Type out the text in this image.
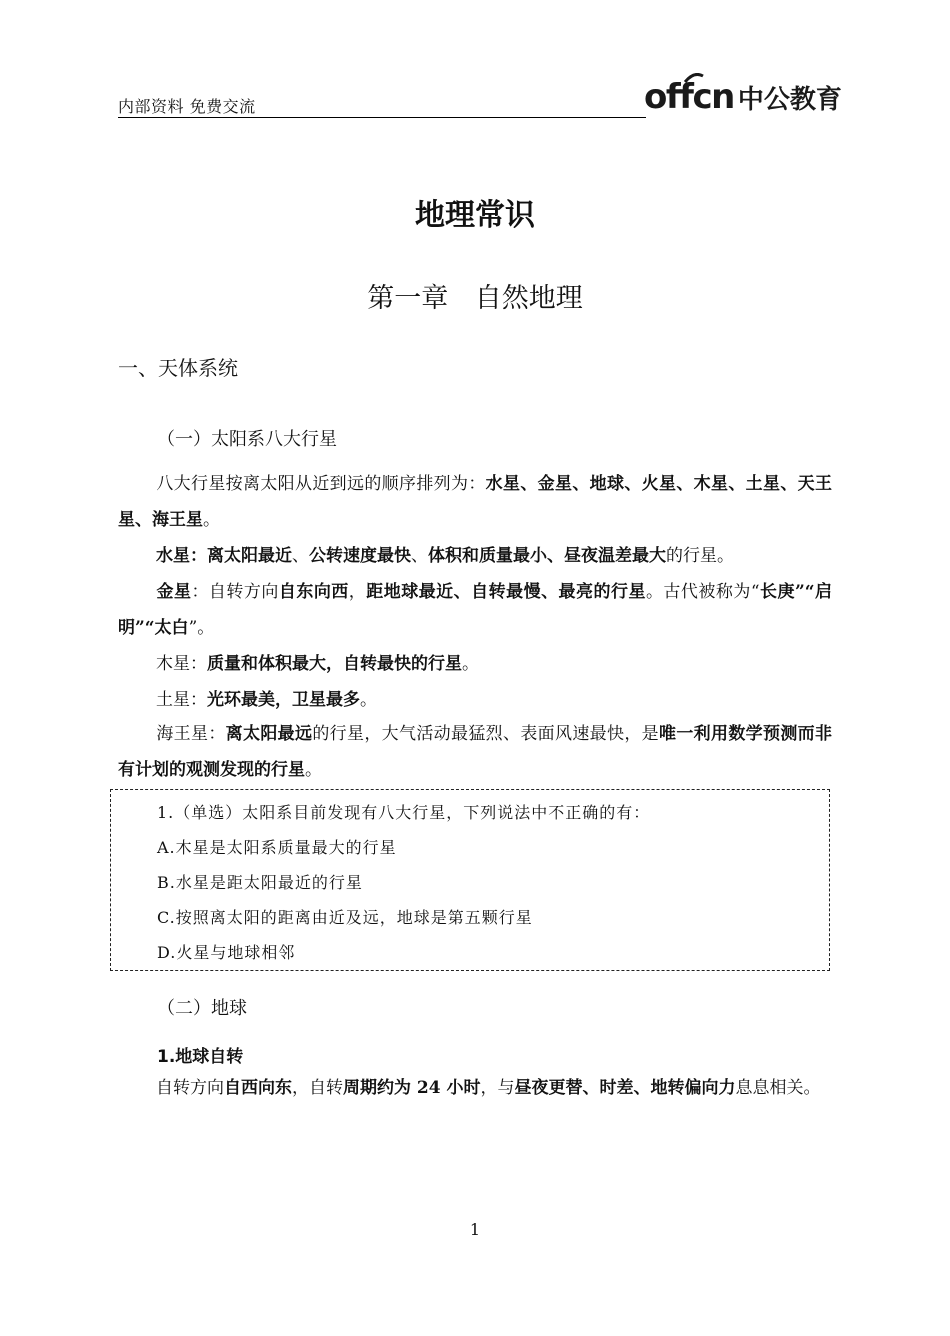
内部资料 免费交流	offcn 中公教育
地理常识
第一章 自然地理
一、天体系统
（一）太阳系八大行星
八大行星按离太阳从近到远的顺序排列为：水星、金星、地球、火星、木星、土星、天王星、海王星。
水星：离太阳最近、公转速度最快、体积和质量最小、昼夜温差最大的行星。
金星：自转方向自东向西，距地球最近、自转最慢、最亮的行星。古代被称为“长庚”“启明”“太白”。
木星：质量和体积最大，自转最快的行星。
土星：光环最美，卫星最多。
海王星：离太阳最远的行星，大气活动最猛烈、表面风速最快，是唯一利用数学预测而非有计划的观测发现的行星。
1.（单选）太阳系目前发现有八大行星，下列说法中不正确的有：
A.木星是太阳系质量最大的行星
B.水星是距太阳最近的行星
C.按照离太阳的距离由近及远，地球是第五颗行星
D.火星与地球相邻
（二）地球
1.地球自转
自转方向自西向东，自转周期约为 24 小时，与昼夜更替、时差、地转偏向力息息相关。
1
